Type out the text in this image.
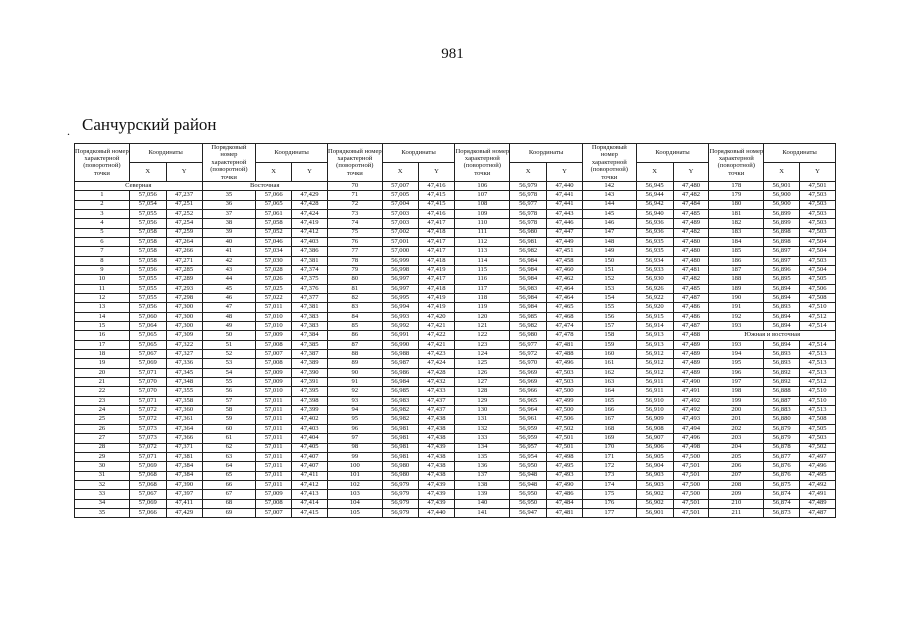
981
. Санчурский район
Порядковый номер характерной (поворотной) точки	Координаты		Порядковый номер характерной (поворотной) точки	Координаты		Порядковый номер характерной (поворотной) точки	Координаты		Порядковый номер характерной (поворотной) точки	Координаты		Порядковый номер характерной (поворотной) точки	Координаты		Порядковый номер характерной (поворотной) точки	Координаты	
	X	Y		X	Y		X	Y		X	Y		X	Y		X	Y
Северная			Восточная			70	57,007	47,416	106	56,979	47,440	142	56,945	47,480	178	56,901	47,501
1	57,056	47,237	35	57,066	47,429	71	57,005	47,415	107	56,978	47,441	143	56,944	47,482	179	56,900	47,503
2	57,054	47,251	36	57,065	47,428	72	57,004	47,415	108	56,977	47,441	144	56,942	47,484	180	56,900	47,503
3	57,055	47,252	37	57,061	47,424	73	57,003	47,416	109	56,978	47,443	145	56,940	47,485	181	56,899	47,503
4	57,056	47,254	38	57,058	47,419	74	57,003	47,417	110	56,978	47,446	146	56,936	47,489	182	56,899	47,503
5	57,058	47,259	39	57,052	47,412	75	57,002	47,418	111	56,980	47,447	147	56,936	47,482	183	56,898	47,503
6	57,058	47,264	40	57,046	47,403	76	57,001	47,417	112	56,981	47,449	148	56,935	47,480	184	56,898	47,504
7	57,058	47,266	41	57,034	47,386	77	57,000	47,417	113	56,982	47,451	149	56,935	47,480	185	56,897	47,504
8	57,058	47,271	42	57,030	47,381	78	56,999	47,418	114	56,984	47,458	150	56,934	47,480	186	56,897	47,503
9	57,056	47,285	43	57,028	47,374	79	56,998	47,419	115	56,984	47,460	151	56,933	47,481	187	56,896	47,504
10	57,055	47,289	44	57,026	47,375	80	56,997	47,417	116	56,984	47,462	152	56,930	47,482	188	56,895	47,505
11	57,055	47,293	45	57,025	47,376	81	56,997	47,418	117	56,983	47,464	153	56,926	47,485	189	56,894	47,506
12	57,055	47,298	46	57,022	47,377	82	56,995	47,419	118	56,984	47,464	154	56,922	47,487	190	56,894	47,508
13	57,056	47,300	47	57,011	47,381	83	56,994	47,419	119	56,984	47,465	155	56,920	47,486	191	56,893	47,510
14	57,060	47,300	48	57,010	47,383	84	56,993	47,420	120	56,985	47,468	156	56,915	47,486	192	56,894	47,512
15	57,064	47,300	49	57,010	47,383	85	56,992	47,421	121	56,982	47,474	157	56,914	47,487	193	56,894	47,514
16	57,065	47,309	50	57,009	47,384	86	56,991	47,422	122	56,980	47,478	158	56,913	47,488	Южная и восточная		
17	57,065	47,322	51	57,008	47,385	87	56,990	47,421	123	56,977	47,481	159	56,913	47,489	193	56,894	47,514
18	57,067	47,327	52	57,007	47,387	88	56,988	47,423	124	56,972	47,488	160	56,912	47,489	194	56,893	47,513
19	57,069	47,336	53	57,008	47,389	89	56,987	47,424	125	56,970	47,496	161	56,912	47,489	195	56,893	47,513
20	57,071	47,345	54	57,009	47,390	90	56,986	47,428	126	56,969	47,503	162	56,912	47,489	196	56,892	47,513
21	57,070	47,348	55	57,009	47,391	91	56,984	47,432	127	56,969	47,503	163	56,911	47,490	197	56,892	47,512
22	57,070	47,355	56	57,010	47,395	92	56,985	47,433	128	56,966	47,500	164	56,911	47,491	198	56,888	47,510
23	57,071	47,358	57	57,011	47,398	93	56,983	47,437	129	56,965	47,499	165	56,910	47,492	199	56,887	47,510
24	57,072	47,360	58	57,011	47,399	94	56,982	47,437	130	56,964	47,500	166	56,910	47,492	200	56,883	47,513
25	57,072	47,361	59	57,011	47,402	95	56,982	47,438	131	56,961	47,506	167	56,909	47,493	201	56,880	47,508
26	57,073	47,364	60	57,011	47,403	96	56,981	47,438	132	56,959	47,502	168	56,908	47,494	202	56,879	47,505
27	57,073	47,366	61	57,011	47,404	97	56,981	47,438	133	56,959	47,501	169	56,907	47,496	203	56,879	47,503
28	57,072	47,371	62	57,011	47,405	98	56,981	47,439	134	56,957	47,501	170	56,906	47,498	204	56,878	47,502
29	57,071	47,381	63	57,011	47,407	99	56,981	47,438	135	56,954	47,498	171	56,905	47,500	205	56,877	47,497
30	57,069	47,384	64	57,011	47,407	100	56,980	47,438	136	56,950	47,495	172	56,904	47,501	206	56,876	47,496
31	57,068	47,384	65	57,011	47,411	101	56,980	47,438	137	56,948	47,493	173	56,903	47,501	207	56,876	47,495
32	57,068	47,390	66	57,011	47,412	102	56,979	47,439	138	56,948	47,490	174	56,903	47,500	208	56,875	47,492
33	57,067	47,397	67	57,009	47,413	103	56,979	47,439	139	56,950	47,486	175	56,902	47,500	209	56,874	47,491
34	57,069	47,411	68	57,008	47,414	104	56,979	47,439	140	56,950	47,484	176	56,902	47,501	210	56,874	47,489
35	57,066	47,429	69	57,007	47,415	105	56,979	47,440	141	56,947	47,481	177	56,901	47,501	211	56,873	47,487
